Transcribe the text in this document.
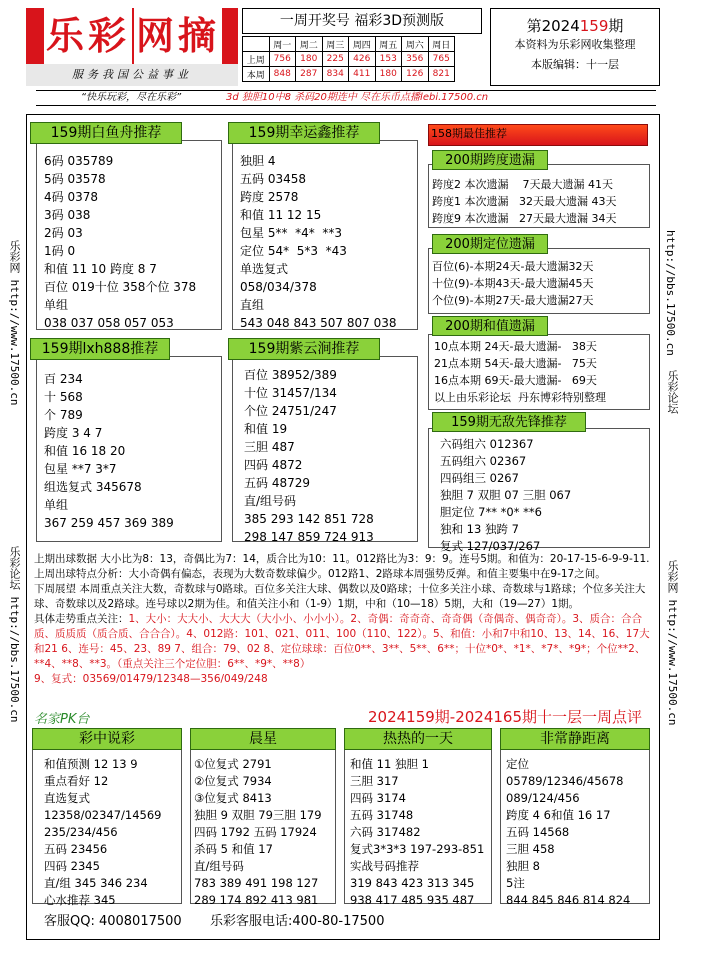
乐彩 网摘
服务我国公益事业
一周开奖号 福彩3D预测版
	周一	周二	周三	周四	周五	周六	周日
上周	756	180	225	426	153	356	765
本周	848	287	834	411	180	126	821
第2024159期
本资料为乐彩网收集整理
本版编辑：十一层
“快乐玩彩，尽在乐彩”	3d 独胆10中8 杀码20期连中 尽在乐币点播lebi.17500.cn
乐彩网 http://www.17500.cn
乐彩论坛 http://bbs.17500.cn
http://bbs.17500.cn
乐彩论坛
乐彩网 http://www.17500.cn
159期白鱼舟推荐
6码 035789
5码 03578
4码 0378
3码 038
2码 03
1码 0
和值 11 10 跨度 8 7
百位 019十位 358个位 378
单组
038 037 058 057 053
159期幸运鑫推荐
独胆 4
五码 03458
跨度 2578
和值 11 12 15
包星 5**  *4*  **3
定位 54*  5*3  *43
单选复式
058/034/378
直组
543 048 843 507 807 038
159期lxh888推荐
百 234
十 568
个 789
跨度 3 4 7
和值 16 18 20
包星 **7 3*7
组选复式 345678
单组
367 259 457 369 389
159期紫云涧推荐
百位 38952/389
十位 31457/134
个位 24751/247
和值 19
三胆 487
四码 4872
五码 48729
直/组号码
385 293 142 851 728
298 147 859 724 913
158期最佳推荐
200期跨度遗漏
跨度2 本次遗漏    7天最大遗漏 41天
跨度1 本次遗漏   32天最大遗漏 43天
跨度9 本次遗漏   27天最大遗漏 34天
200期定位遗漏
百位(6)-本期24天-最大遗漏32天
十位(9)-本期43天-最大遗漏45天
个位(9)-本期27天-最大遗漏27天
200期和值遗漏
10点本期 24天-最大遗漏-   38天
21点本期 54天-最大遗漏-   75天
16点本期 69天-最大遗漏-   69天
以上由乐彩论坛  丹东博彩特别整理
159期无敌先锋推荐
六码组六 012367
五码组六 02367
四码组三 0267
独胆 7 双胆 07 三胆 067
胆定位 7** *0* **6
独和 13 独跨 7
复式 127/037/267
上期出球数据 大小比为8：13，奇偶比为7：14，质合比为10：11。012路比为3：9：9。连号5期。和值为：20-17-15-6-9-9-11.上周出球特点分析：大小奇偶有偏态，表现为大数奇数球偏少。012路1、2路球本周强势反弹。和值主要集中在9-17之间。
下周展望 本周重点关注大数，奇数球与0路球。百位多关注大球、偶数以及0路球；十位多关注小球、奇数球与1路球；个位多关注大球、奇数球以及2路球。连号球以2期为佳。和值关注小和（1-9）1期，中和（10—18）5期，大和（19—27）1期。
具体走势重点关注：1、大小：大大小、大大大（大小小、小小小）。2、奇偶：奇奇奇、奇奇偶（奇偶奇、偶奇奇）。3、质合：合合质、质质质（质合质、合合合）。4、012路：101、021、011、100（110、122）。5、和值：小和7中和10、13、14、16、17大和21 6、连号：45、23、89 7、组合：79、02 8、定位球球：百位0**、3**、5**、6**；十位*0*、*1*、*7*、*9*；个位**2、**4、**8、**3。（重点关注三个定位胆：6**、*9*、**8）
9、复式：03569/01479/12348—356/049/248
名家PK台	2024159期-2024165期十一层一周点评
彩中说彩
和值预测 12 13 9
重点看好 12
直选复式
12358/02347/14569
235/234/456
五码 23456
四码 2345
直/组 345 346 234
心水推荐 345
晨星
①位复式 2791
②位复式 7934
③位复式 8413
独胆 9 双胆 79三胆 179
四码 1792 五码 17924
杀码 5 和值 17
直/组号码
783 389 491 198 127
289 174 892 413 981
热热的一天
和值 11 独胆 1
三胆 317
四码 3174
五码 31748
六码 317482
复式3*3*3 197-293-851
实战号码推荐
319 843 423 313 345
938 417 485 935 487
非常静距离
定位
05789/12346/45678
089/124/456
跨度 4 6和值 16 17
五码 14568
三胆 458
独胆 8
5注
844 845 846 814 824
客服QQ: 4008017500 乐彩客服电话:400-80-17500
